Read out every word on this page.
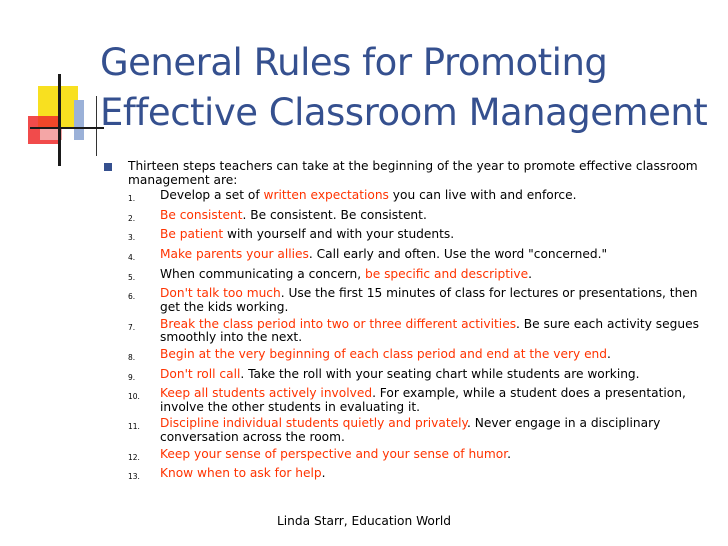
General Rules for Promoting Effective Classroom Management
Thirteen steps teachers can take at the beginning of the year to promote effective classroom management are:
1.	Develop a set of written expectations you can live with and enforce.
2.	Be consistent. Be consistent. Be consistent.
3.	Be patient with yourself and with your students.
4.	Make parents your allies. Call early and often. Use the word "concerned."
5.	When communicating a concern, be specific and descriptive.
6.	Don't talk too much. Use the first 15 minutes of class for lectures or presentations, then get the kids working.
7.	Break the class period into two or three different activities. Be sure each activity segues smoothly into the next.
8.	Begin at the very beginning of each class period and end at the very end.
9.	Don't roll call. Take the roll with your seating chart while students are working.
10.	Keep all students actively involved. For example, while a student does a presentation, involve the other students in evaluating it.
11.	Discipline individual students quietly and privately. Never engage in a disciplinary conversation across the room.
12.	Keep your sense of perspective and your sense of humor.
13.	Know when to ask for help.
Linda Starr, Education World
